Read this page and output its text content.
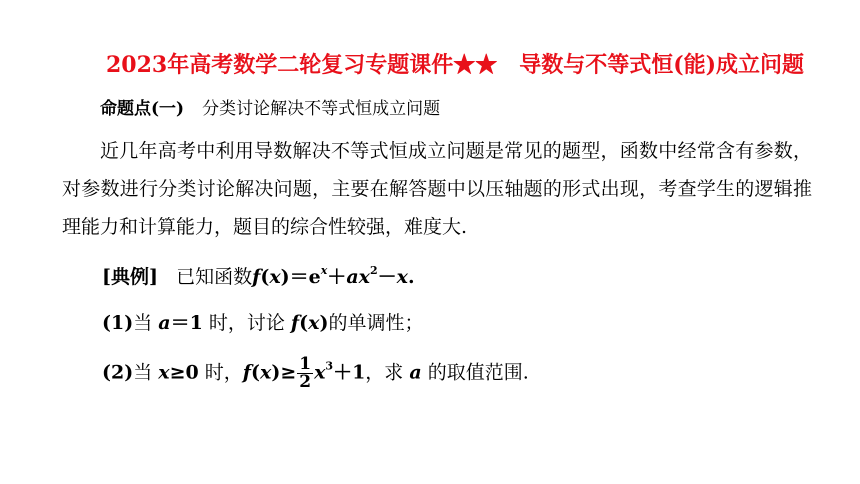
2023年高考数学二轮复习专题课件★★ 导数与不等式恒(能)成立问题
命题点(一) 分类讨论解决不等式恒成立问题
近几年高考中利用导数解决不等式恒成立问题是常见的题型，函数中经常含有参数，对参数进行分类讨论解决问题，主要在解答题中以压轴题的形式出现，考查学生的逻辑推理能力和计算能力，题目的综合性较强，难度大.
[典例] 已知函数$f(x)=e^x+ax^2-x$.
(1)当 a＝1 时，讨论 f(x)的单调性；
(2)当 x≥0 时，$f(x)\ge \frac{1}{2} x^3+1$，求 a 的取值范围.
